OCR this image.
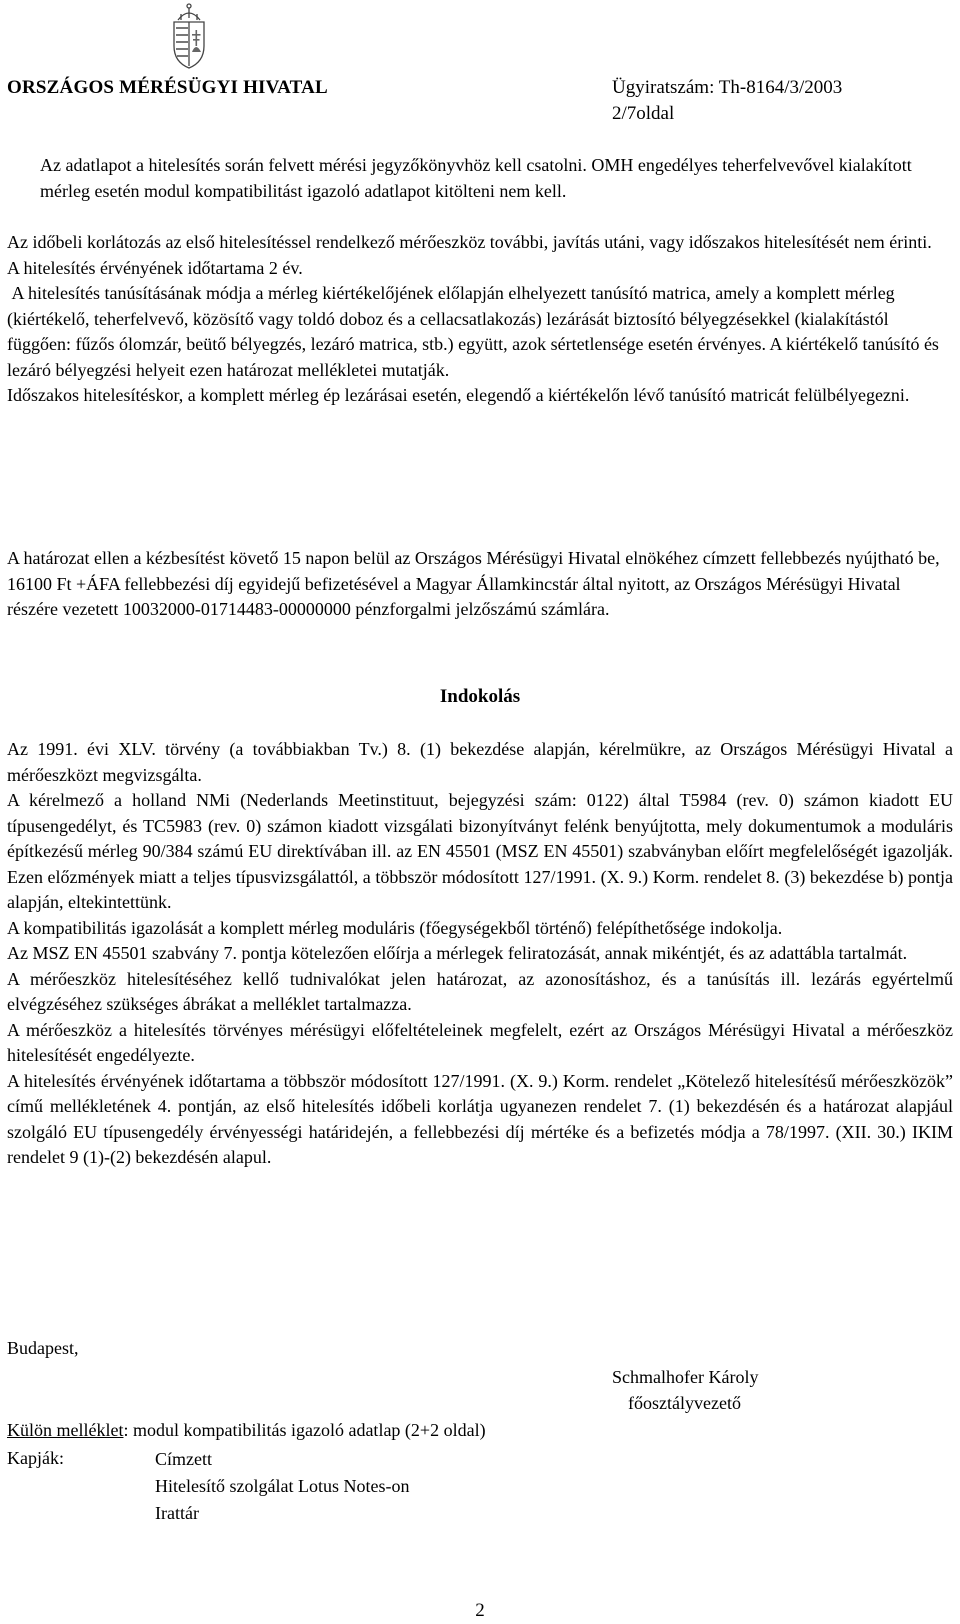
ORSZÁGOS MÉRÉSÜGYI HIVATAL	Ügyiratszám: Th-8164/3/2003
2/7oldal

Az adatlapot a hitelesítés során felvett mérési jegyzőkönyvhöz kell csatolni. OMH engedélyes teherfelvevővel kialakított mérleg esetén modul kompatibilitást igazoló adatlapot kitölteni nem kell.

Az időbeli korlátozás az első hitelesítéssel rendelkező mérőeszköz további, javítás utáni, vagy időszakos hitelesítését nem érinti.

A hitelesítés érvényének időtartama 2 év.

A hitelesítés tanúsításának módja a mérleg kiértékelőjének előlapján elhelyezett tanúsító matrica, amely a komplett mérleg (kiértékelő, teherfelvevő, közösítő vagy toldó doboz és a cellacsatlakozás) lezárását biztosító bélyegzésekkel (kialakítástól függően: fűzős ólomzár, beütő bélyegzés, lezáró matrica, stb.) együtt, azok sértetlensége esetén érvényes. A kiértékelő tanúsító és lezáró bélyegzési helyeit ezen határozat mellékletei mutatják.

Időszakos hitelesítéskor, a komplett mérleg ép lezárásai esetén, elegendő a kiértékelőn lévő tanúsító matricát felülbélyegezni.

A határozat ellen a kézbesítést követő 15 napon belül az Országos Mérésügyi Hivatal elnökéhez címzett fellebbezés nyújtható be, 16100 Ft +ÁFA fellebbezési díj egyidejű befizetésével a Magyar Államkincstár által nyitott, az Országos Mérésügyi Hivatal részére vezetett 10032000-01714483-00000000 pénzforgalmi jelzőszámú számlára.

Indokolás

Az 1991. évi XLV. törvény (a továbbiakban Tv.) 8. (1) bekezdése alapján, kérelmükre, az Országos Mérésügyi Hivatal a mérőeszközt megvizsgálta.

A kérelmező a holland NMi (Nederlands Meetinstituut, bejegyzési szám: 0122) által T5984 (rev. 0) számon kiadott EU típusengedélyt, és TC5983 (rev. 0) számon kiadott vizsgálati bizonyítványt felénk benyújtotta, mely dokumentumok a moduláris építkezésű mérleg 90/384 számú EU direktívában ill. az EN 45501 (MSZ EN 45501) szabványban előírt megfelelőségét igazolják. Ezen előzmények miatt a teljes típusvizsgálattól, a többször módosított 127/1991. (X. 9.) Korm. rendelet 8. (3) bekezdése b) pontja alapján, eltekintettünk.

A kompatibilitás igazolását a komplett mérleg moduláris (főegységekből történő) felépíthetősége indokolja.

Az MSZ EN 45501 szabvány 7. pontja kötelezően előírja a mérlegek feliratozását, annak mikéntjét, és az adattábla tartalmát.

A mérőeszköz hitelesítéséhez kellő tudnivalókat jelen határozat, az azonosításhoz, és a tanúsítás ill. lezárás egyértelmű elvégzéséhez szükséges ábrákat a melléklet tartalmazza.

A mérőeszköz a hitelesítés törvényes mérésügyi előfeltételeinek megfelelt, ezért az Országos Mérésügyi Hivatal a mérőeszköz hitelesítését engedélyezte.

A hitelesítés érvényének időtartama a többször módosított 127/1991. (X. 9.) Korm. rendelet „Kötelező hitelesítésű mérőeszközök” című mellékletének 4. pontján, az első hitelesítés időbeli korlátja ugyanezen rendelet 7. (1) bekezdésén és a határozat alapjául szolgáló EU típusengedély érvényességi határidején, a fellebbezési díj mértéke és a befizetés módja a 78/1997. (XII. 30.) IKIM rendelet 9 (1)-(2) bekezdésén alapul.

Budapest,
Schmalhofer Károly
főosztályvezető
Külön melléklet: modul kompatibilitás igazoló adatlap (2+2 oldal)
Kapják:	Címzett
Hitelesítő szolgálat Lotus Notes-on
Irattár
2
